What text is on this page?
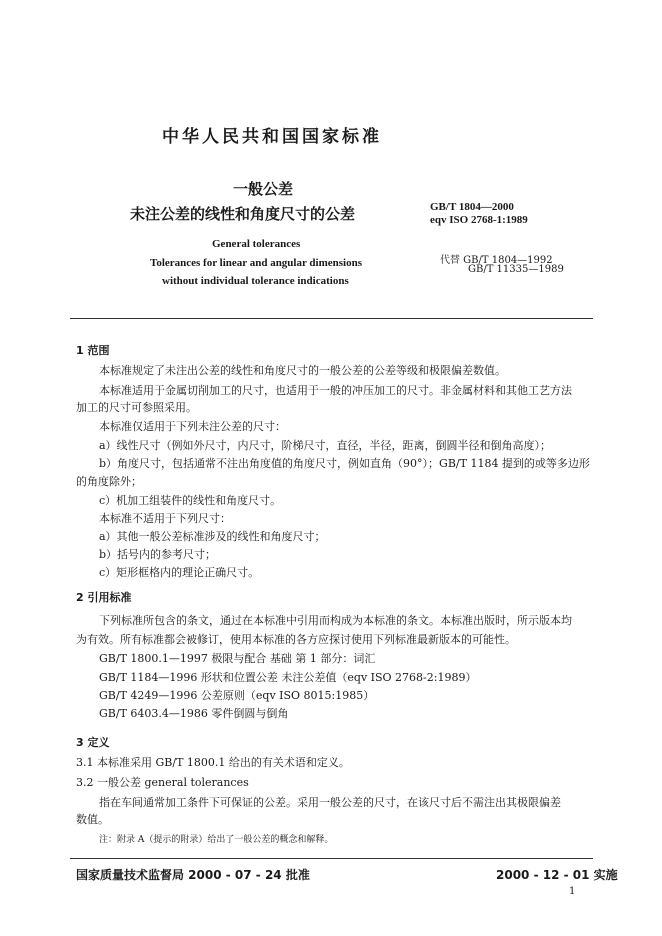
中华人民共和国国家标准
一般公差
未注公差的线性和角度尺寸的公差	GB/T 1804—2000
eqv ISO 2768-1:1989
General tolerances
Tolerances for linear and angular dimensions
without individual tolerance indications
代替 GB/T 1804—1992
GB/T 11335—1989
1 范围
本标准规定了未注出公差的线性和角度尺寸的一般公差的公差等级和极限偏差数值。
本标准适用于金属切削加工的尺寸，也适用于一般的冲压加工的尺寸。非金属材料和其他工艺方法
加工的尺寸可参照采用。
本标准仅适用于下列未注公差的尺寸：
a）线性尺寸（例如外尺寸，内尺寸，阶梯尺寸，直径，半径，距离，倒圆半径和倒角高度）；
b）角度尺寸，包括通常不注出角度值的角度尺寸，例如直角（90°）；GB/T 1184 提到的或等多边形
的角度除外；
c）机加工组装件的线性和角度尺寸。
本标准不适用于下列尺寸：
a）其他一般公差标准涉及的线性和角度尺寸；
b）括号内的参考尺寸；
c）矩形框格内的理论正确尺寸。
2 引用标准
下列标准所包含的条文，通过在本标准中引用而构成为本标准的条文。本标准出版时，所示版本均
为有效。所有标准都会被修订，使用本标准的各方应探讨使用下列标准最新版本的可能性。
GB/T 1800.1—1997 极限与配合 基础 第 1 部分：词汇
GB/T 1184—1996 形状和位置公差 未注公差值（eqv ISO 2768-2:1989）
GB/T 4249—1996 公差原则（eqv ISO 8015:1985）
GB/T 6403.4—1986 零件倒圆与倒角
3 定义
3.1 本标准采用 GB/T 1800.1 给出的有关术语和定义。
3.2 一般公差 general tolerances
指在车间通常加工条件下可保证的公差。采用一般公差的尺寸，在该尺寸后不需注出其极限偏差
数值。
注：附录 A（提示的附录）给出了一般公差的概念和解释。
国家质量技术监督局 2000 - 07 - 24 批准	2000 - 12 - 01 实施
1
